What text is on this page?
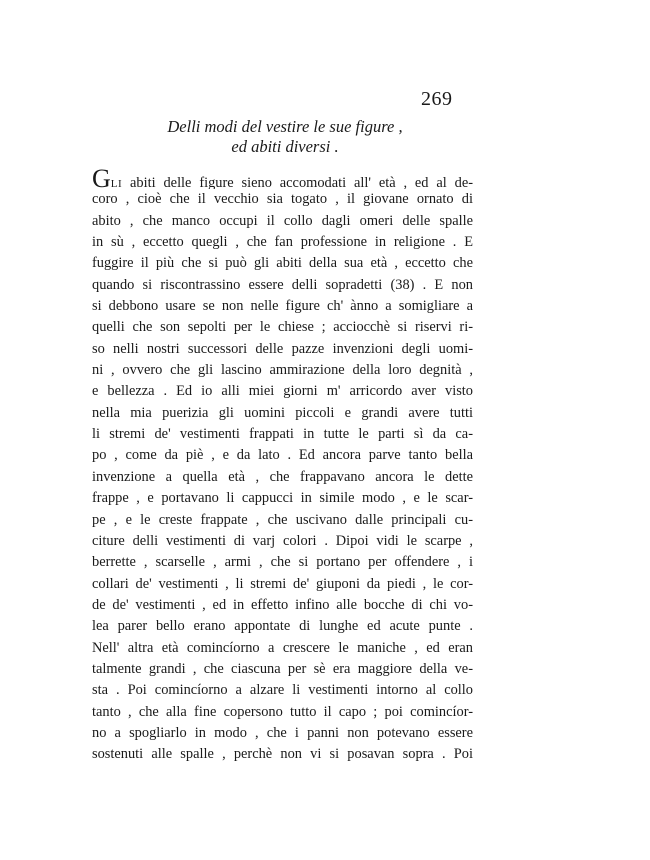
269
Delli modi del vestire le sue figure ,
ed abiti diversi .
GLI abiti delle figure sieno accomodati all' età , ed al de-
coro , cioè che il vecchio sia togato , il giovane ornato di
abito , che manco occupi il collo dagli omeri delle spalle
in sù , eccetto quegli , che fan professione in religione . E
fuggire il più che si può gli abiti della sua età , eccetto che
quando si riscontrassino essere delli sopradetti (38) . E non
si debbono usare se non nelle figure ch' ànno a somigliare a
quelli che son sepolti per le chiese ; acciocchè si riservi ri-
so nelli nostri successori delle pazze invenzioni degli uomi-
ni , ovvero che gli lascino ammirazione della loro degnità ,
e bellezza . Ed io alli miei giorni m' arricordo aver visto
nella mia puerizia gli uomini piccoli e grandi avere tutti
li stremi de' vestimenti frappati in tutte le parti sì da ca-
po , come da piè , e da lato . Ed ancora parve tanto bella
invenzione a quella età , che frappavano ancora le dette
frappe , e portavano li cappucci in simile modo , e le scar-
pe , e le creste frappate , che uscivano dalle principali cu-
citure delli vestimenti di varj colori . Dipoi vidi le scarpe ,
berrette , scarselle , armi , che si portano per offendere , i
collari de' vestimenti , li stremi de' giuponi da piedi , le cor-
de de' vestimenti , ed in effetto infino alle bocche di chi vo-
lea parer bello erano appontate di lunghe ed acute punte .
Nell' altra età comincíorno a crescere le maniche , ed eran
talmente grandi , che ciascuna per sè era maggiore della ve-
sta . Poi comincíorno a alzare li vestimenti intorno al collo
tanto , che alla fine copersono tutto il capo ; poi comincíor-
no a spogliarlo in modo , che i panni non potevano essere
sostenuti alle spalle , perchè non vi si posavan sopra . Poi
